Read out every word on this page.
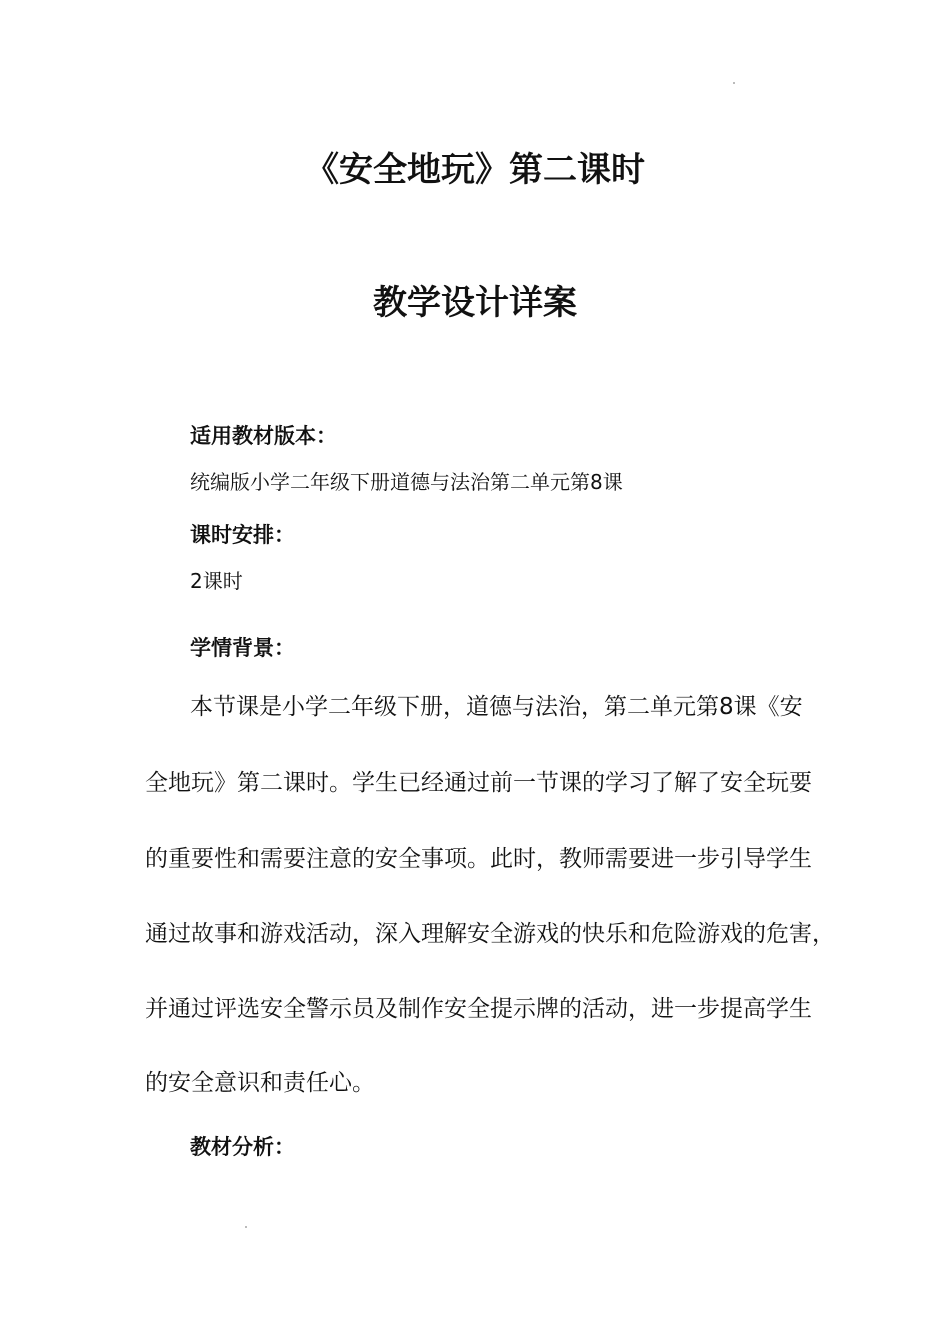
《安全地玩》第二课时
教学设计详案
适用教材版本：
统编版小学二年级下册道德与法治第二单元第8课
课时安排：
2课时
学情背景：
本节课是小学二年级下册，道德与法治，第二单元第8课《安
全地玩》第二课时。学生已经通过前一节课的学习了解了安全玩要
的重要性和需要注意的安全事项。此时，教师需要进一步引导学生
通过故事和游戏活动，深入理解安全游戏的快乐和危险游戏的危害，
并通过评选安全警示员及制作安全提示牌的活动，进一步提高学生
的安全意识和责任心。
教材分析：
